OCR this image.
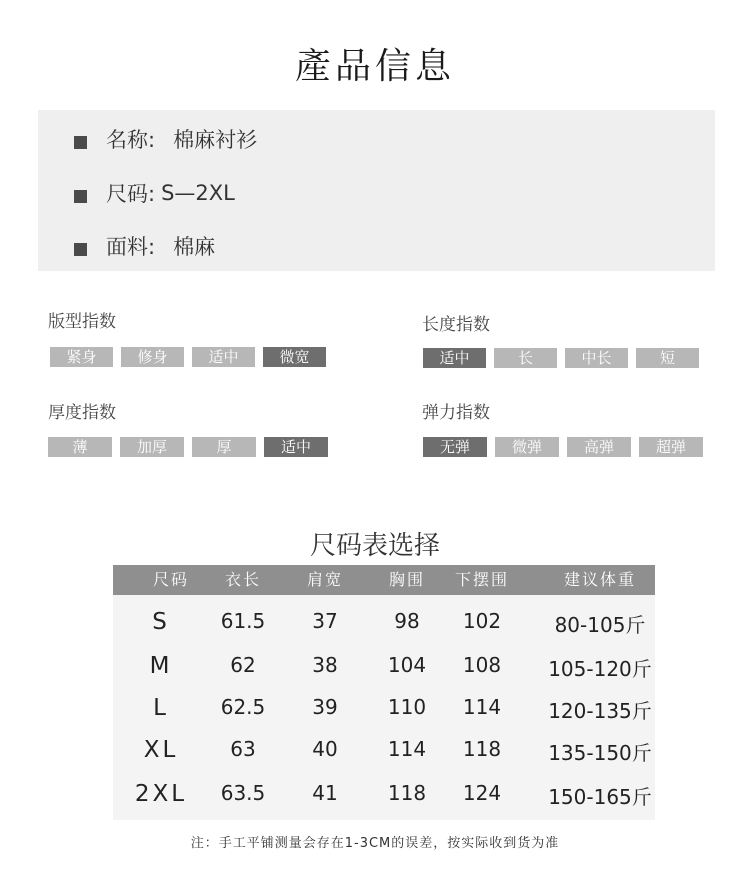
產品信息
名称: 棉麻衬衫
尺码: S—2XL
面料: 棉麻
版型指数
紧身	修身	适中	微宽
长度指数
适中	长	中长	短
厚度指数
薄	加厚	厚	适中
弹力指数
无弹	微弹	高弹	超弹
尺码表选择
尺码	衣长	肩宽	胸围	下摆围	建议体重
S	61.5	37	98	102	80-105斤
M	62	38	104	108	105-120斤
L	62.5	39	110	114	120-135斤
XL	63	40	114	118	135-150斤
2XL	63.5	41	118	124	150-165斤
注：手工平铺测量会存在1-3CM的误差，按实际收到货为准
